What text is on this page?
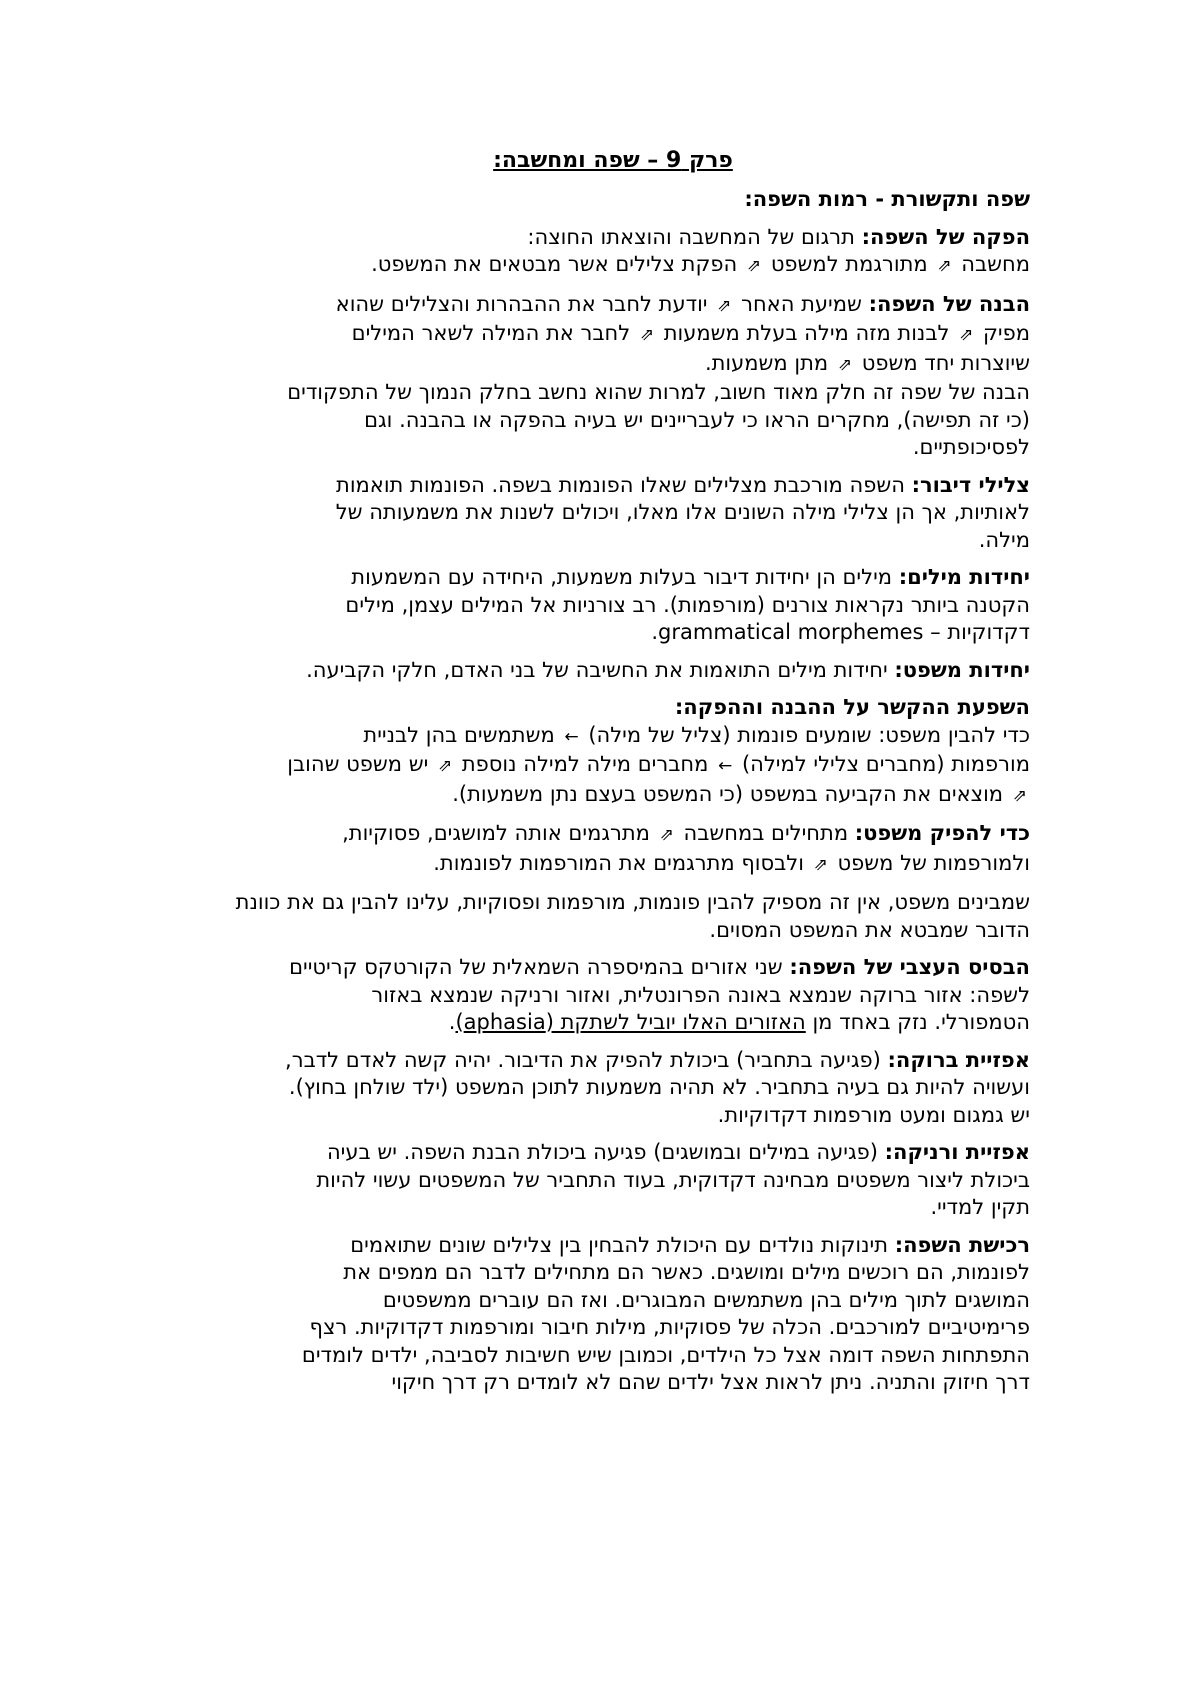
פרק 9 – שפה ומחשבה:
שפה ותקשורת - רמות השפה:
הפקה של השפה: תרגום של המחשבה והוצאתו החוצה:
מחשבה ⇗ מתורגמת למשפט ⇗ הפקת צלילים אשר מבטאים את המשפט.
הבנה של השפה: שמיעת האחר ⇗ יודעת לחבר את ההבהרות והצלילים שהוא מפיק ⇗ לבנות מזה מילה בעלת משמעות ⇗ לחבר את המילה לשאר המילים שיוצרות יחד משפט ⇗ מתן משמעות.
הבנה של שפה זה חלק מאוד חשוב, למרות שהוא נחשב בחלק הנמוך של התפקודים (כי זה תפישה), מחקרים הראו כי לעבריינים יש בעיה בהפקה או בהבנה. וגם לפסיכופתיים.
צלילי דיבור: השפה מורכבת מצלילים שאלו הפונמות בשפה. הפונמות תואמות לאותיות, אך הן צלילי מילה השונים אלו מאלו, ויכולים לשנות את משמעותה של מילה.
יחידות מילים: מילים הן יחידות דיבור בעלות משמעות, היחידה עם המשמעות הקטנה ביותר נקראות צורנים (מורפמות). רב צורניות אל המילים עצמן, מילים דקדוקיות – grammatical morphemes.
יחידות משפט: יחידות מילים התואמות את החשיבה של בני האדם, חלקי הקביעה.
השפעת ההקשר על ההבנה וההפקה:
כדי להבין משפט: שומעים פונמות (צליל של מילה) ← משתמשים בהן לבניית מורפמות (מחברים צלילי למילה) ← מחברים מילה למילה נוספת ⇗ יש משפט שהובן ⇗ מוצאים את הקביעה במשפט (כי המשפט בעצם נתן משמעות).
כדי להפיק משפט: מתחילים במחשבה ⇗ מתרגמים אותה למושגים, פסוקיות, ולמורפמות של משפט ⇗ ולבסוף מתרגמים את המורפמות לפונמות.
שמבינים משפט, אין זה מספיק להבין פונמות, מורפמות ופסוקיות, עלינו להבין גם את כוונת הדובר שמבטא את המשפט המסוים.
הבסיס העצבי של השפה: שני אזורים בהמיספרה השמאלית של הקורטקס קריטיים לשפה: אזור ברוקה שנמצא באונה הפרונטלית, ואזור ורניקה שנמצא באזור הטמפורלי. נזק באחד מן האזורים האלו יוביל לשתקת (aphasia).
אפזיית ברוקה: (פגיעה בתחביר) ביכולת להפיק את הדיבור. יהיה קשה לאדם לדבר, ועשויה להיות גם בעיה בתחביר. לא תהיה משמעות לתוכן המשפט (ילד שולחן בחוץ). יש גמגום ומעט מורפמות דקדוקיות.
אפזיית ורניקה: (פגיעה במילים ובמושגים) פגיעה ביכולת הבנת השפה. יש בעיה ביכולת ליצור משפטים מבחינה דקדוקית, בעוד התחביר של המשפטים עשוי להיות תקין למדיי.
רכישת השפה: תינוקות נולדים עם היכולת להבחין בין צלילים שונים שתואמים לפונמות, הם רוכשים מילים ומושגים. כאשר הם מתחילים לדבר הם ממפים את המושגים לתוך מילים בהן משתמשים המבוגרים. ואז הם עוברים ממשפטים פרימיטיביים למורכבים. הכלה של פסוקיות, מילות חיבור ומורפמות דקדוקיות. רצף התפתחות השפה דומה אצל כל הילדים, וכמובן שיש חשיבות לסביבה, ילדים לומדים דרך חיזוק והתניה. ניתן לראות אצל ילדים שהם לא לומדים רק דרך חיקוי
